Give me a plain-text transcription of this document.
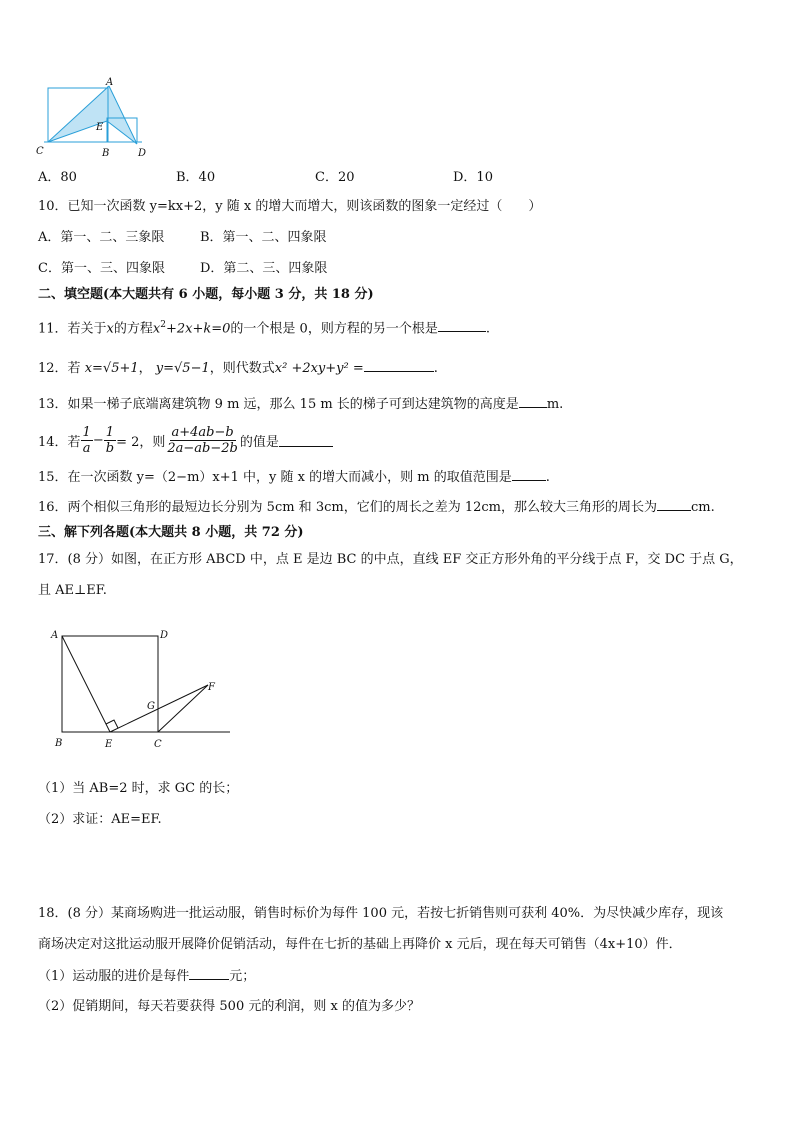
A
E
C	B	D
A．80	B．40	C．20	D．10
10．已知一次函数 y=kx+2，y 随 x 的增大而增大，则该函数的图象一定经过（　　）
A．第一、二、三象限	B．第一、二、四象限
C．第一、三、四象限	D．第二、三、四象限
二、填空题(本大题共有 6 小题，每小题 3 分，共 18 分)
11．若关于x的方程$x^2+2x+k=0$的一个根是 0，则方程的另一个根是	.
12．若 x=√5+1， y=√5−1，则代数式x² +2xy+y² =	.
13．如果一梯子底端离建筑物 9 m 远，那么 15 m 长的梯子可到达建筑物的高度是 m.
14．若 $\frac{1}{a} - \frac{1}{b} = 2$，则 $\frac{a+4ab-b}{2a-ab-2b}$ 的值是
15．在一次函数 y=（2−m）x+1 中，y 随 x 的增大而减小，则 m 的取值范围是	.
16．两个相似三角形的最短边长分别为 5cm 和 3cm，它们的周长之差为 12cm，那么较大三角形的周长为	cm.
三、解下列各题(本大题共 8 小题，共 72 分)
17．(8 分）如图，在正方形 ABCD 中，点 E 是边 BC 的中点，直线 EF 交正方形外角的平分线于点 F，交 DC 于点 G，
且 AE⊥EF.
A	D
G
F
B	E	C
（1）当 AB=2 时，求 GC 的长；
（2）求证：AE=EF.
18．(8 分）某商场购进一批运动服，销售时标价为每件 100 元，若按七折销售则可获利 40%．为尽快减少库存，现该
商场决定对这批运动服开展降价促销活动，每件在七折的基础上再降价 x 元后，现在每天可销售（4x+10）件．
（1）运动服的进价是每件	元；
（2）促销期间，每天若要获得 500 元的利润，则 x 的值为多少？
